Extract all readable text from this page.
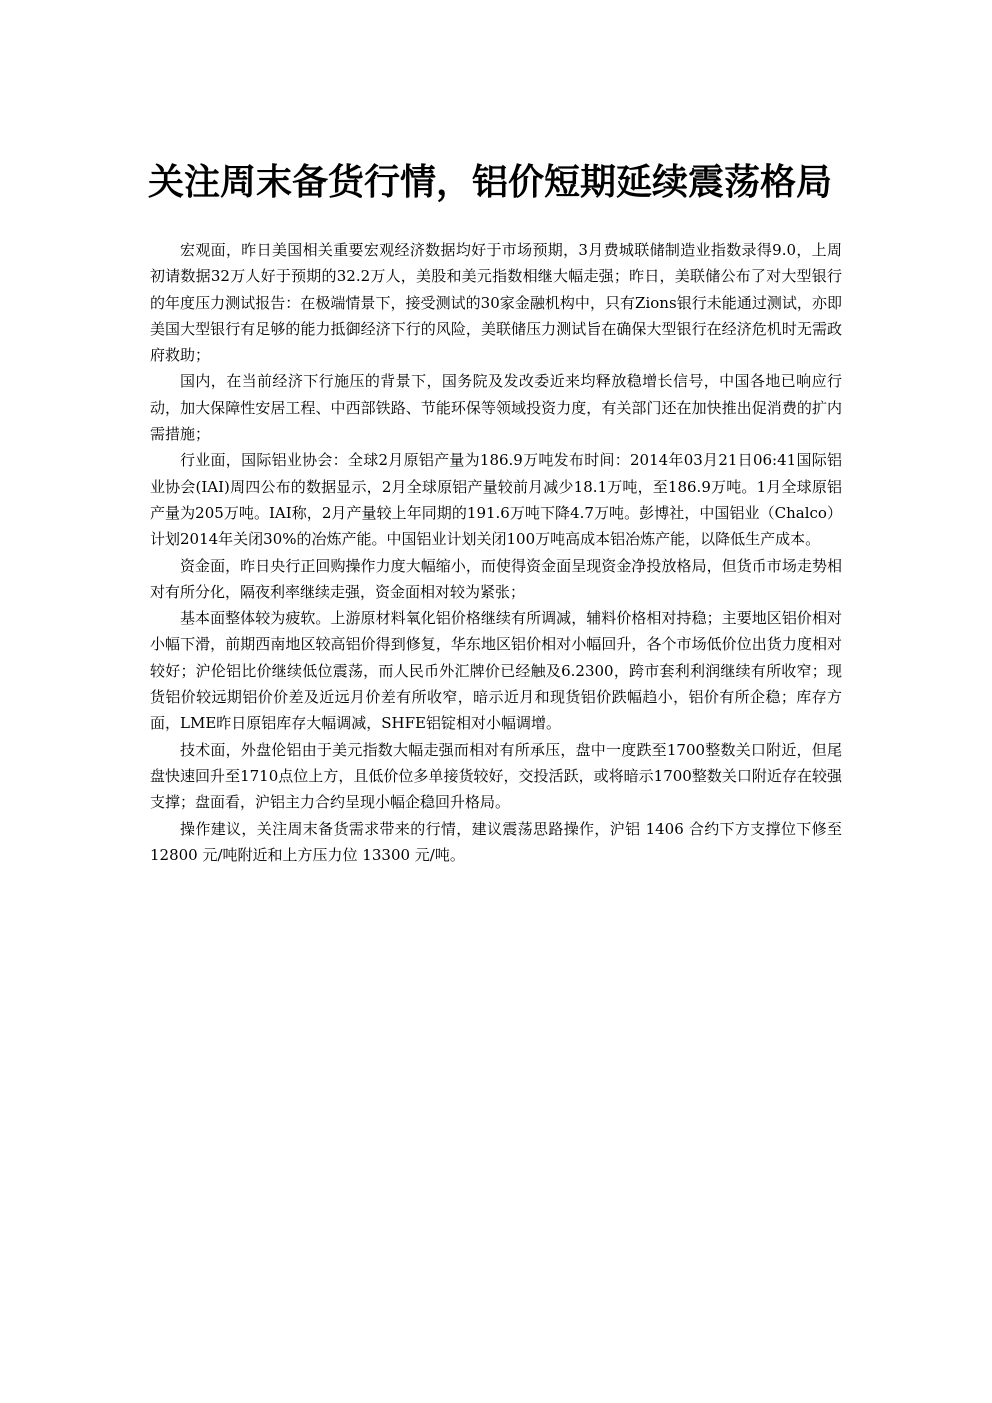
关注周末备货行情，铝价短期延续震荡格局

宏观面，昨日美国相关重要宏观经济数据均好于市场预期，3月费城联储制造业指数录得9.0，上周初请数据32万人好于预期的32.2万人，美股和美元指数相继大幅走强；昨日，美联储公布了对大型银行的年度压力测试报告：在极端情景下，接受测试的30家金融机构中，只有Zions银行未能通过测试，亦即美国大型银行有足够的能力抵御经济下行的风险，美联储压力测试旨在确保大型银行在经济危机时无需政府救助；

国内，在当前经济下行施压的背景下，国务院及发改委近来均释放稳增长信号，中国各地已响应行动，加大保障性安居工程、中西部铁路、节能环保等领域投资力度，有关部门还在加快推出促消费的扩内需措施；

行业面，国际铝业协会：全球2月原铝产量为186.9万吨发布时间：2014年03月21日06:41国际铝业协会(IAI)周四公布的数据显示，2月全球原铝产量较前月减少18.1万吨，至186.9万吨。1月全球原铝产量为205万吨。IAI称，2月产量较上年同期的191.6万吨下降4.7万吨。彭博社，中国铝业（Chalco）计划2014年关闭30%的冶炼产能。中国铝业计划关闭100万吨高成本铝冶炼产能，以降低生产成本。

资金面，昨日央行正回购操作力度大幅缩小，而使得资金面呈现资金净投放格局，但货币市场走势相对有所分化，隔夜利率继续走强，资金面相对较为紧张；

基本面整体较为疲软。上游原材料氧化铝价格继续有所调减，辅料价格相对持稳；主要地区铝价相对小幅下滑，前期西南地区较高铝价得到修复，华东地区铝价相对小幅回升，各个市场低价位出货力度相对较好；沪伦铝比价继续低位震荡，而人民币外汇牌价已经触及6.2300，跨市套利利润继续有所收窄；现货铝价较远期铝价价差及近远月价差有所收窄，暗示近月和现货铝价跌幅趋小，铝价有所企稳；库存方面，LME昨日原铝库存大幅调减，SHFE铝锭相对小幅调增。

技术面，外盘伦铝由于美元指数大幅走强而相对有所承压，盘中一度跌至1700整数关口附近，但尾盘快速回升至1710点位上方，且低价位多单接货较好，交投活跃，或将暗示1700整数关口附近存在较强支撑；盘面看，沪铝主力合约呈现小幅企稳回升格局。

操作建议，关注周末备货需求带来的行情，建议震荡思路操作，沪铝 1406 合约下方支撑位下修至 12800 元/吨附近和上方压力位 13300 元/吨。
